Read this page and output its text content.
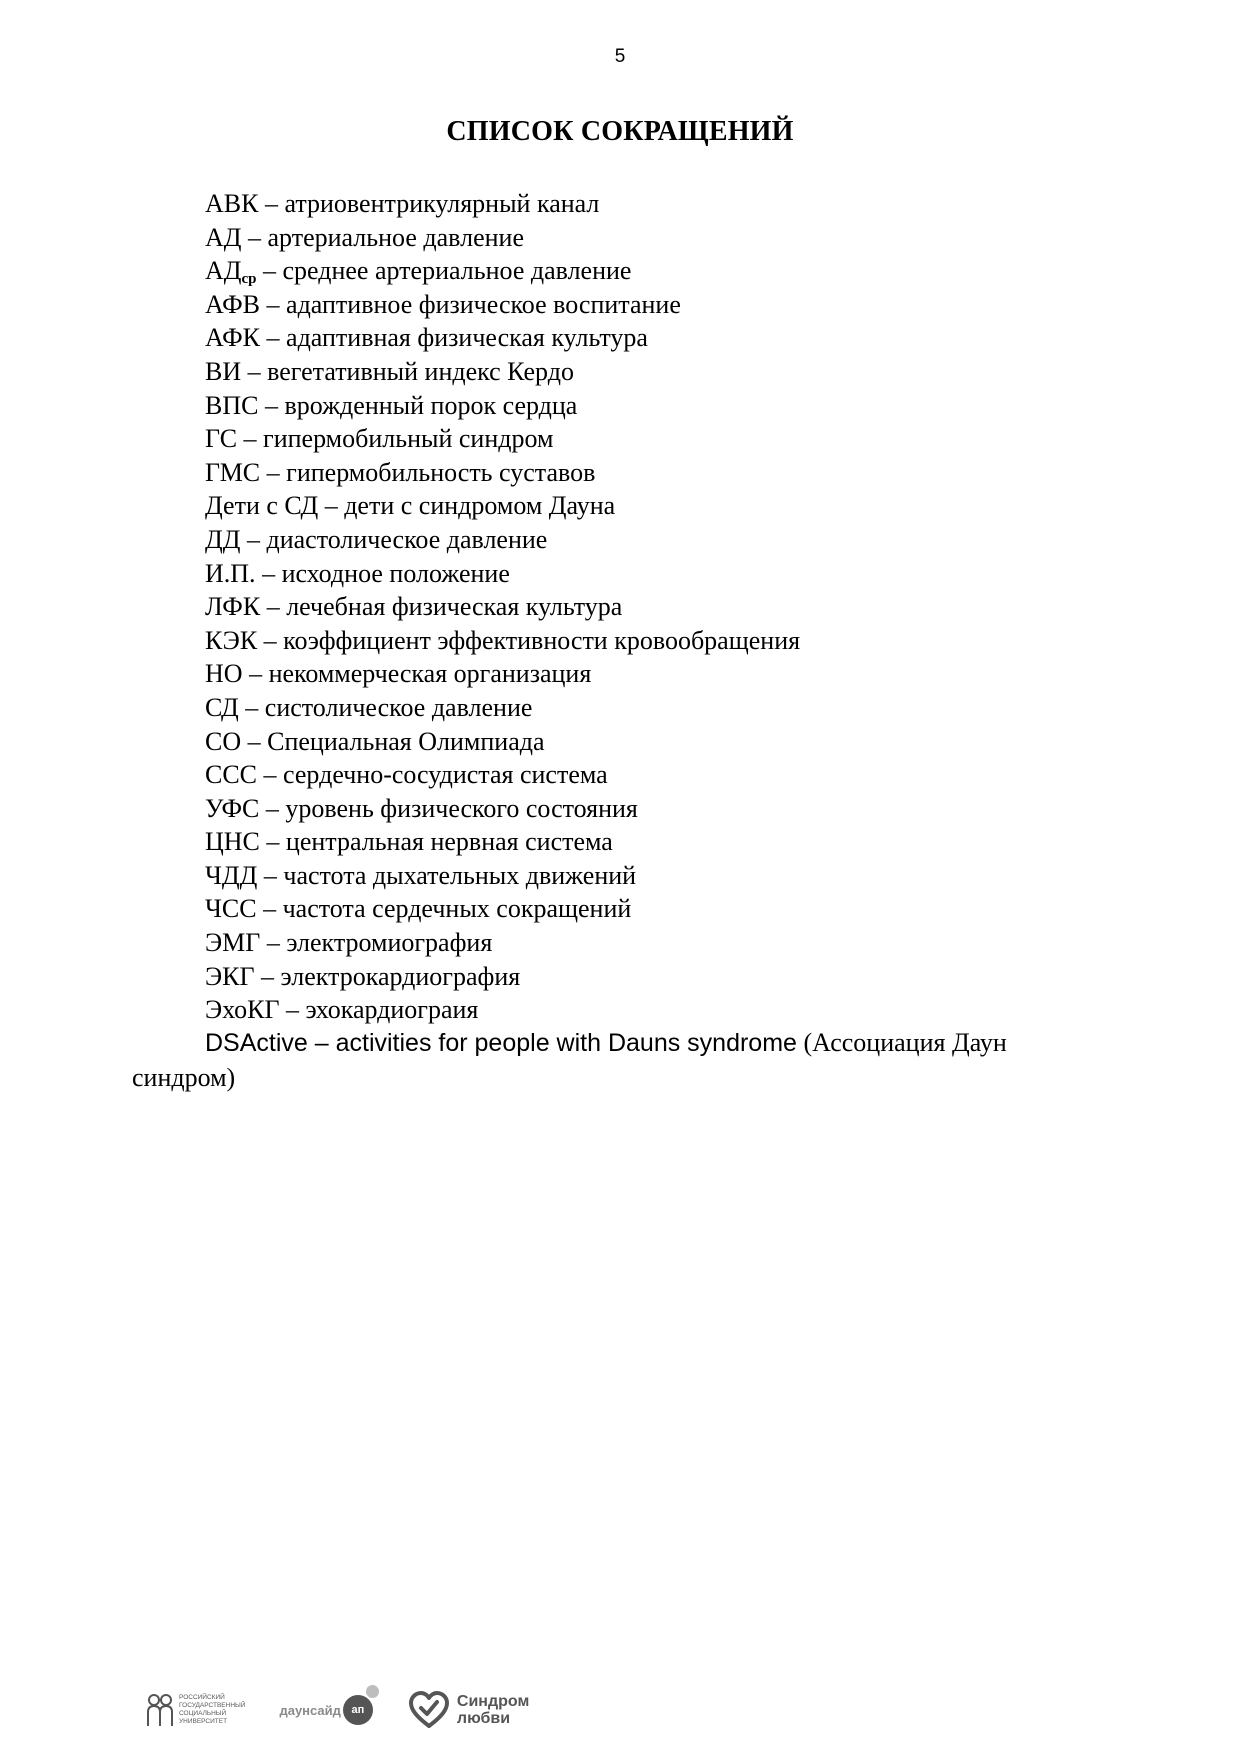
5
СПИСОК СОКРАЩЕНИЙ
АВК – атриовентрикулярный канал
АД – артериальное давление
$АД_{ср}$ – среднее артериальное давление
АФВ – адаптивное физическое воспитание
АФК – адаптивная физическая культура
ВИ – вегетативный индекс Кердо
ВПС – врожденный порок сердца
ГС – гипермобильный синдром
ГМС – гипермобильность суставов
Дети с СД – дети с синдромом Дауна
ДД – диастолическое давление
И.П. – исходное положение
ЛФК – лечебная физическая культура
КЭК – коэффициент эффективности кровообращения
НО – некоммерческая организация
СД – систолическое давление
СО – Специальная Олимпиада
ССС – сердечно-сосудистая система
УФС – уровень физического состояния
ЦНС – центральная нервная система
ЧДД – частота дыхательных движений
ЧСС – частота сердечных сокращений
ЭМГ – электромиография
ЭКГ – электрокардиография
ЭхоКГ – эхокардиограия
DSActive – activities for people with Dauns syndrome (Ассоциация Даун синдром)
РОССИЙСКИЙ
ГОСУДАРСТВЕННЫЙ
СОЦИАЛЬНЫЙ
УНИВЕРСИТЕТ
даунсайд ап	Синдром
любви
